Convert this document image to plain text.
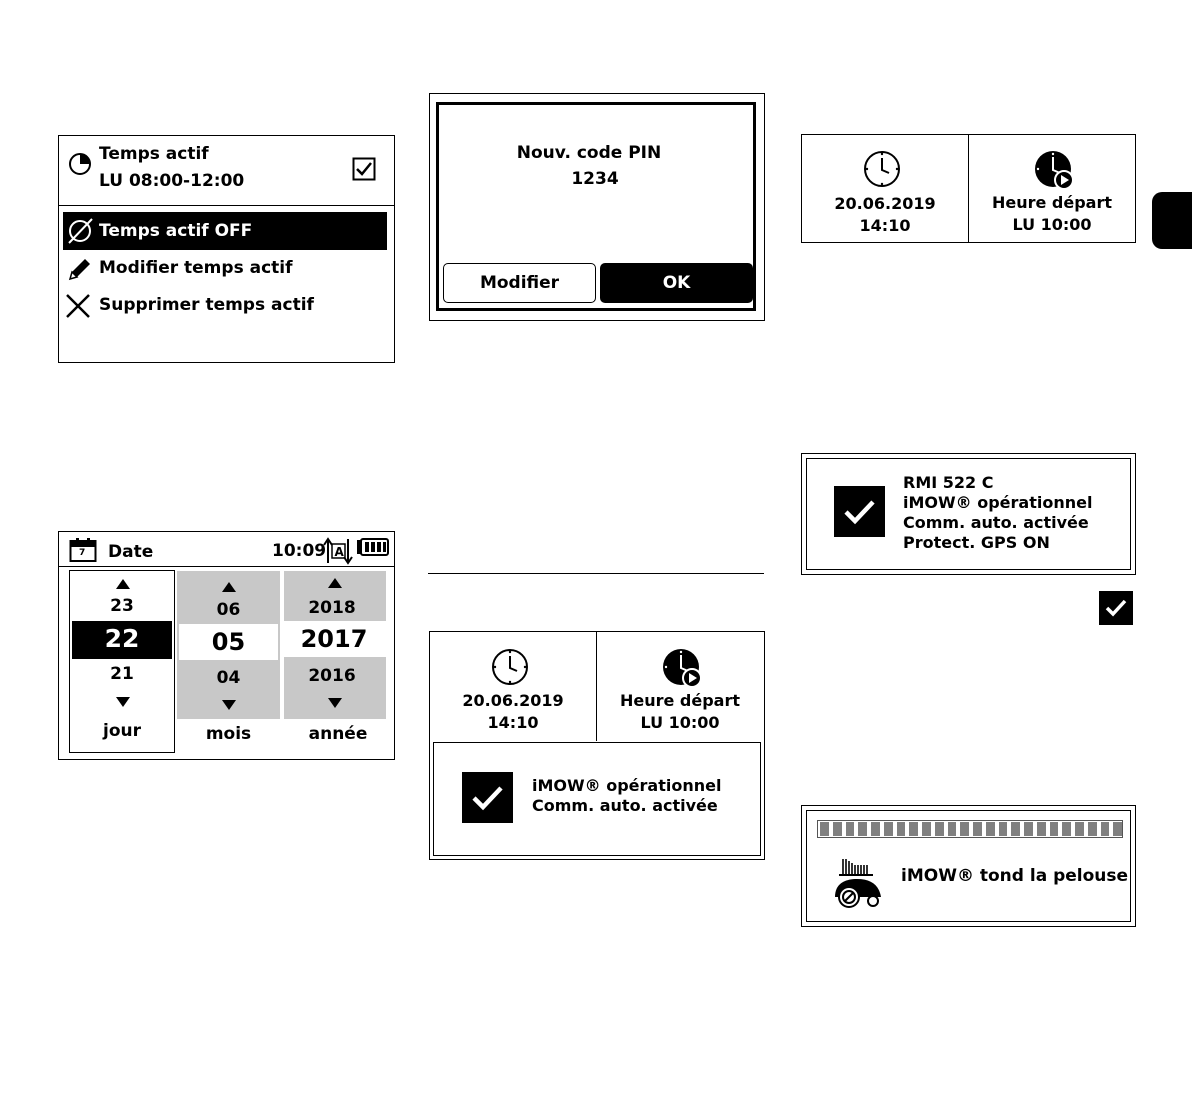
Temps actif
LU 08:00-12:00
Temps actif OFF
Modifier temps actif
Supprimer temps actif
Nouv. code PIN
1234
Modifier	OK
20.06.2019
14:10
Heure départ
LU 10:00
RMI 522 C
iMOW® opérationnel
Comm. auto. activée
Protect. GPS ON
7 Date	10:09 A
23
22
21
jour
06
05
04
mois
2018
2017
2016
année
20.06.2019
14:10
Heure départ
LU 10:00
iMOW® opérationnel
Comm. auto. activée
iMOW® tond la pelouse
